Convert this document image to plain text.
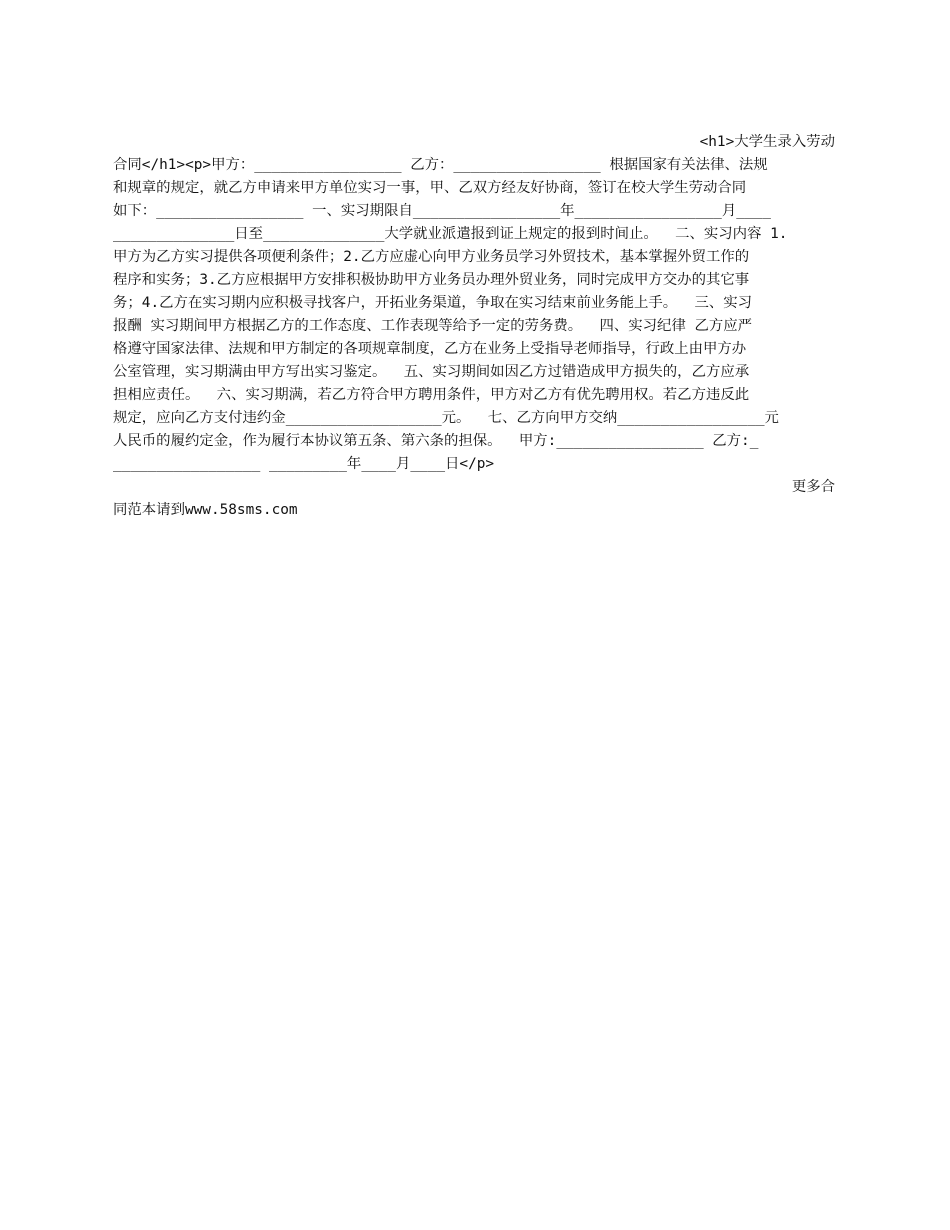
<h1>大学生录入劳动
合同</h1><p>甲方：_________________ 乙方：_________________ 根据国家有关法律、法规
和规章的规定，就乙方申请来甲方单位实习一事，甲、乙双方经友好协商，签订在校大学生劳动合同
如下：_________________ 一、实习期限自_________________年_________________月____
______________日至______________大学就业派遣报到证上规定的报到时间止。  二、实习内容 1.
甲方为乙方实习提供各项便利条件；2.乙方应虚心向甲方业务员学习外贸技术，基本掌握外贸工作的
程序和实务；3.乙方应根据甲方安排积极协助甲方业务员办理外贸业务，同时完成甲方交办的其它事
务；4.乙方在实习期内应积极寻找客户，开拓业务渠道，争取在实习结束前业务能上手。  三、实习
报酬 实习期间甲方根据乙方的工作态度、工作表现等给予一定的劳务费。  四、实习纪律 乙方应严
格遵守国家法律、法规和甲方制定的各项规章制度，乙方在业务上受指导老师指导，行政上由甲方办
公室管理，实习期满由甲方写出实习鉴定。  五、实习期间如因乙方过错造成甲方损失的，乙方应承
担相应责任。  六、实习期满，若乙方符合甲方聘用条件，甲方对乙方有优先聘用权。若乙方违反此
规定，应向乙方支付违约金__________________元。  七、乙方向甲方交纳_________________元
人民币的履约定金，作为履行本协议第五条、第六条的担保。  甲方:_________________ 乙方:_
_________________ _________年____月____日</p>
更多合
同范本请到www.58sms.com
